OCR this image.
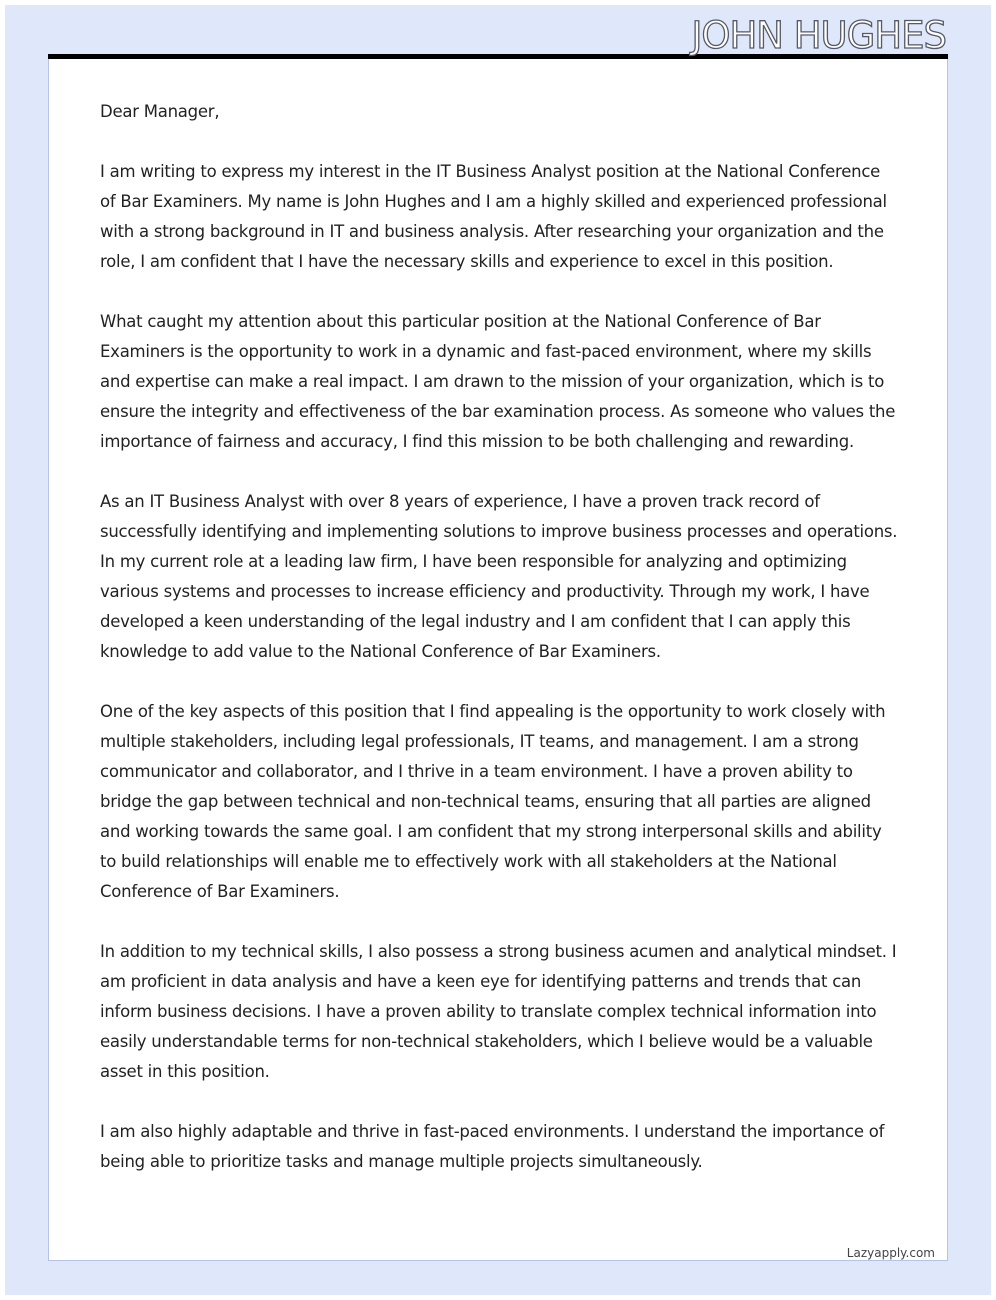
JOHN HUGHES

Dear Manager,

I am writing to express my interest in the IT Business Analyst position at the National Conference of Bar Examiners. My name is John Hughes and I am a highly skilled and experienced professional with a strong background in IT and business analysis. After researching your organization and the role, I am confident that I have the necessary skills and experience to excel in this position.

What caught my attention about this particular position at the National Conference of Bar Examiners is the opportunity to work in a dynamic and fast-paced environment, where my skills and expertise can make a real impact. I am drawn to the mission of your organization, which is to ensure the integrity and effectiveness of the bar examination process. As someone who values the importance of fairness and accuracy, I find this mission to be both challenging and rewarding.

As an IT Business Analyst with over 8 years of experience, I have a proven track record of successfully identifying and implementing solutions to improve business processes and operations. In my current role at a leading law firm, I have been responsible for analyzing and optimizing various systems and processes to increase efficiency and productivity. Through my work, I have developed a keen understanding of the legal industry and I am confident that I can apply this knowledge to add value to the National Conference of Bar Examiners.

One of the key aspects of this position that I find appealing is the opportunity to work closely with multiple stakeholders, including legal professionals, IT teams, and management. I am a strong communicator and collaborator, and I thrive in a team environment. I have a proven ability to bridge the gap between technical and non-technical teams, ensuring that all parties are aligned and working towards the same goal. I am confident that my strong interpersonal skills and ability to build relationships will enable me to effectively work with all stakeholders at the National Conference of Bar Examiners.

In addition to my technical skills, I also possess a strong business acumen and analytical mindset. I am proficient in data analysis and have a keen eye for identifying patterns and trends that can inform business decisions. I have a proven ability to translate complex technical information into easily understandable terms for non-technical stakeholders, which I believe would be a valuable asset in this position.

I am also highly adaptable and thrive in fast-paced environments. I understand the importance of being able to prioritize tasks and manage multiple projects simultaneously.

Lazyapply.com
